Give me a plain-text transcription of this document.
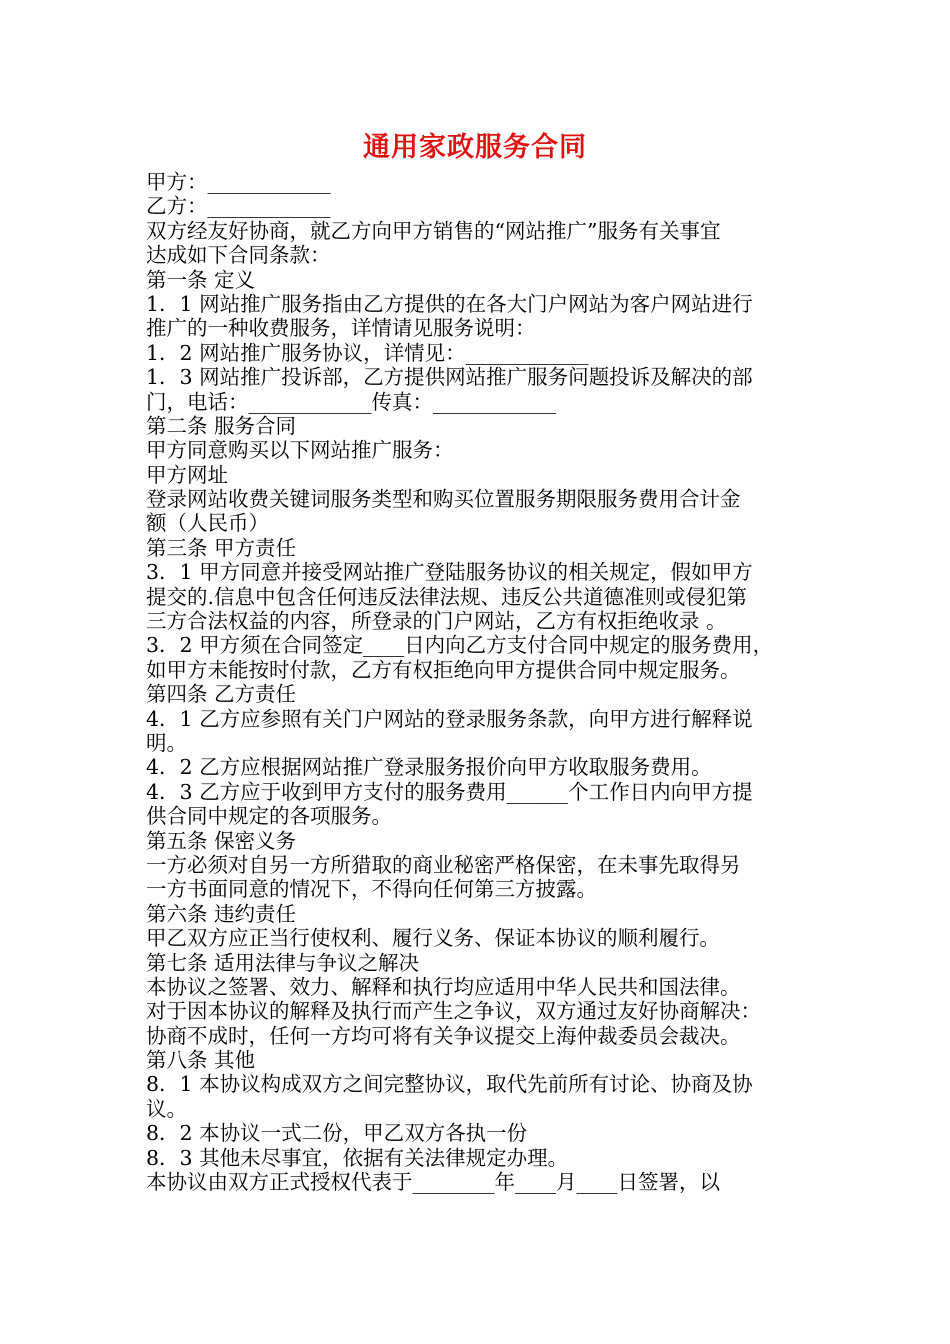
通用家政服务合同
甲方：____________
乙方：____________
双方经友好协商，就乙方向甲方销售的“网站推广”服务有关事宜
达成如下合同条款：
第一条 定义
1．1 网站推广服务指由乙方提供的在各大门户网站为客户网站进行
推广的一种收费服务，详情请见服务说明：
1．2 网站推广服务协议，详情见：____________
1．3 网站推广投诉部，乙方提供网站推广服务问题投诉及解决的部
门，电话：____________传真：____________
第二条 服务合同
甲方同意购买以下网站推广服务：
甲方网址
登录网站收费关键词服务类型和购买位置服务期限服务费用合计金
额（人民币）
第三条 甲方责任
3．1 甲方同意并接受网站推广登陆服务协议的相关规定，假如甲方
提交的.信息中包含任何违反法律法规、违反公共道德准则或侵犯第
三方合法权益的内容，所登录的门户网站，乙方有权拒绝收录 。
3．2 甲方须在合同签定____日内向乙方支付合同中规定的服务费用，
如甲方未能按时付款，乙方有权拒绝向甲方提供合同中规定服务。
第四条 乙方责任
4．1 乙方应参照有关门户网站的登录服务条款，向甲方进行解释说
明。
4．2 乙方应根据网站推广登录服务报价向甲方收取服务费用。
4．3 乙方应于收到甲方支付的服务费用______个工作日内向甲方提
供合同中规定的各项服务。
第五条 保密义务
一方必须对自另一方所猎取的商业秘密严格保密，在未事先取得另
一方书面同意的情况下，不得向任何第三方披露。
第六条 违约责任
甲乙双方应正当行使权利、履行义务、保证本协议的顺利履行。
第七条 适用法律与争议之解决
本协议之签署、效力、解释和执行均应适用中华人民共和国法律。
对于因本协议的解释及执行而产生之争议，双方通过友好协商解决：
协商不成时，任何一方均可将有关争议提交上海仲裁委员会裁决。
第八条 其他
8．1 本协议构成双方之间完整协议，取代先前所有讨论、协商及协
议。
8．2 本协议一式二份，甲乙双方各执一份
8．3 其他未尽事宜，依据有关法律规定办理。
本协议由双方正式授权代表于________年____月____日签署，以
